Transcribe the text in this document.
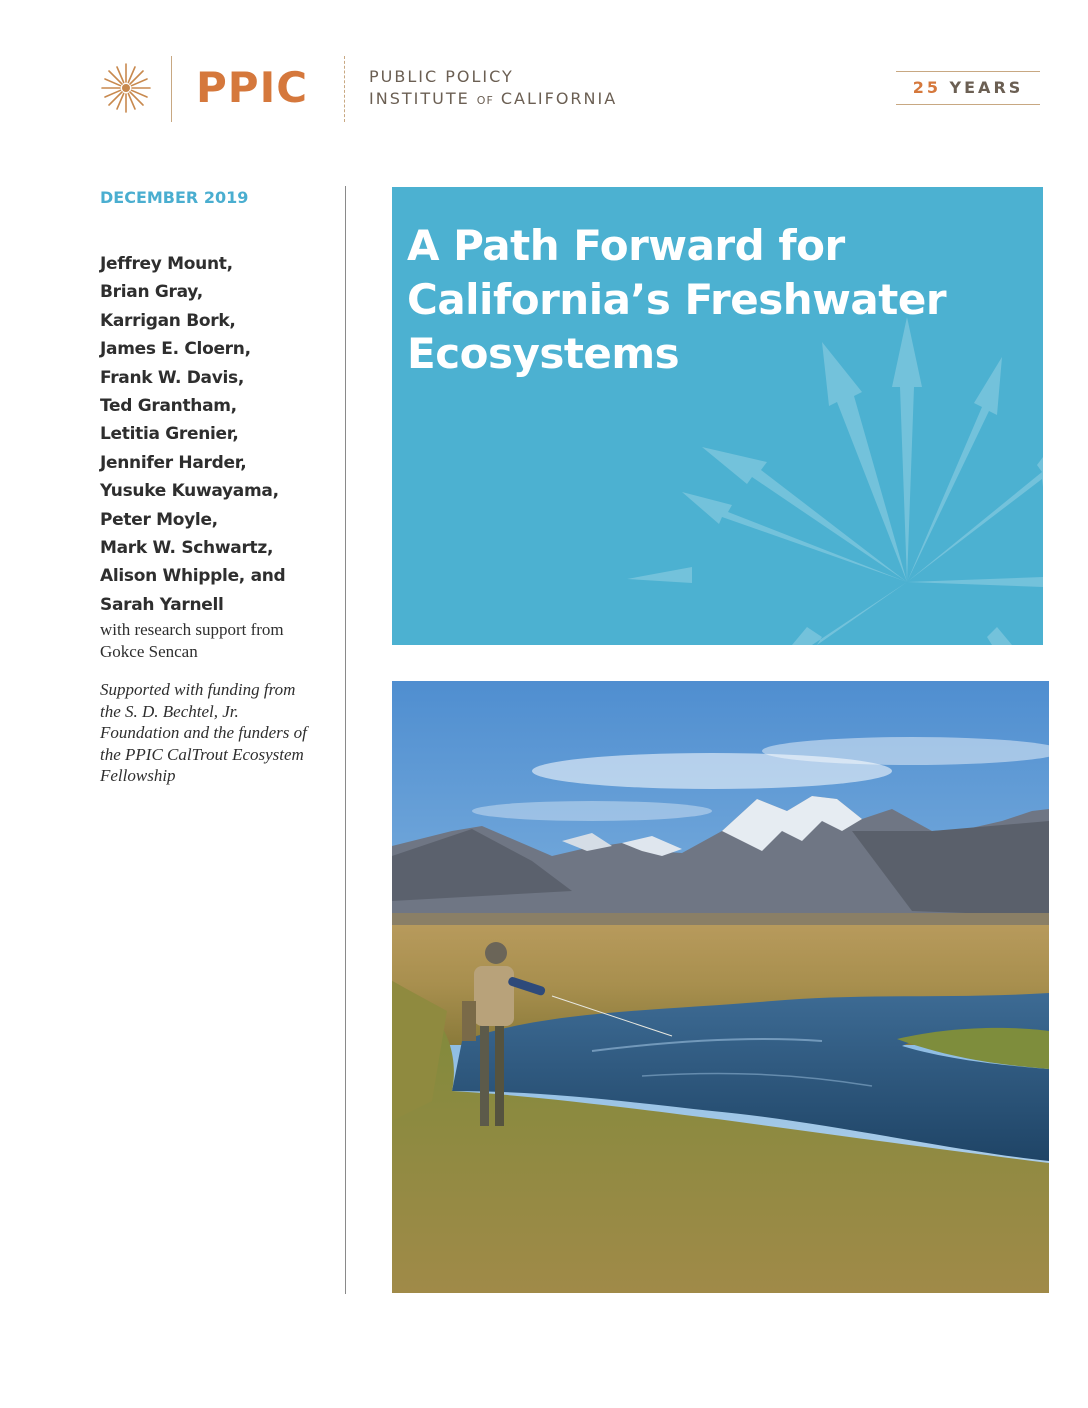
PPIC	PUBLIC POLICY
INSTITUTE OF CALIFORNIA
25 YEARS
DECEMBER 2019
Jeffrey Mount,
Brian Gray,
Karrigan Bork,
James E. Cloern,
Frank W. Davis,
Ted Grantham,
Letitia Grenier,
Jennifer Harder,
Yusuke Kuwayama,
Peter Moyle,
Mark W. Schwartz,
Alison Whipple, and
Sarah Yarnell
with research support from Gokce Sencan
Supported with funding from the S. D. Bechtel, Jr. Foundation and the funders of the PPIC CalTrout Ecosystem Fellowship
A Path Forward for California’s Freshwater Ecosystems
